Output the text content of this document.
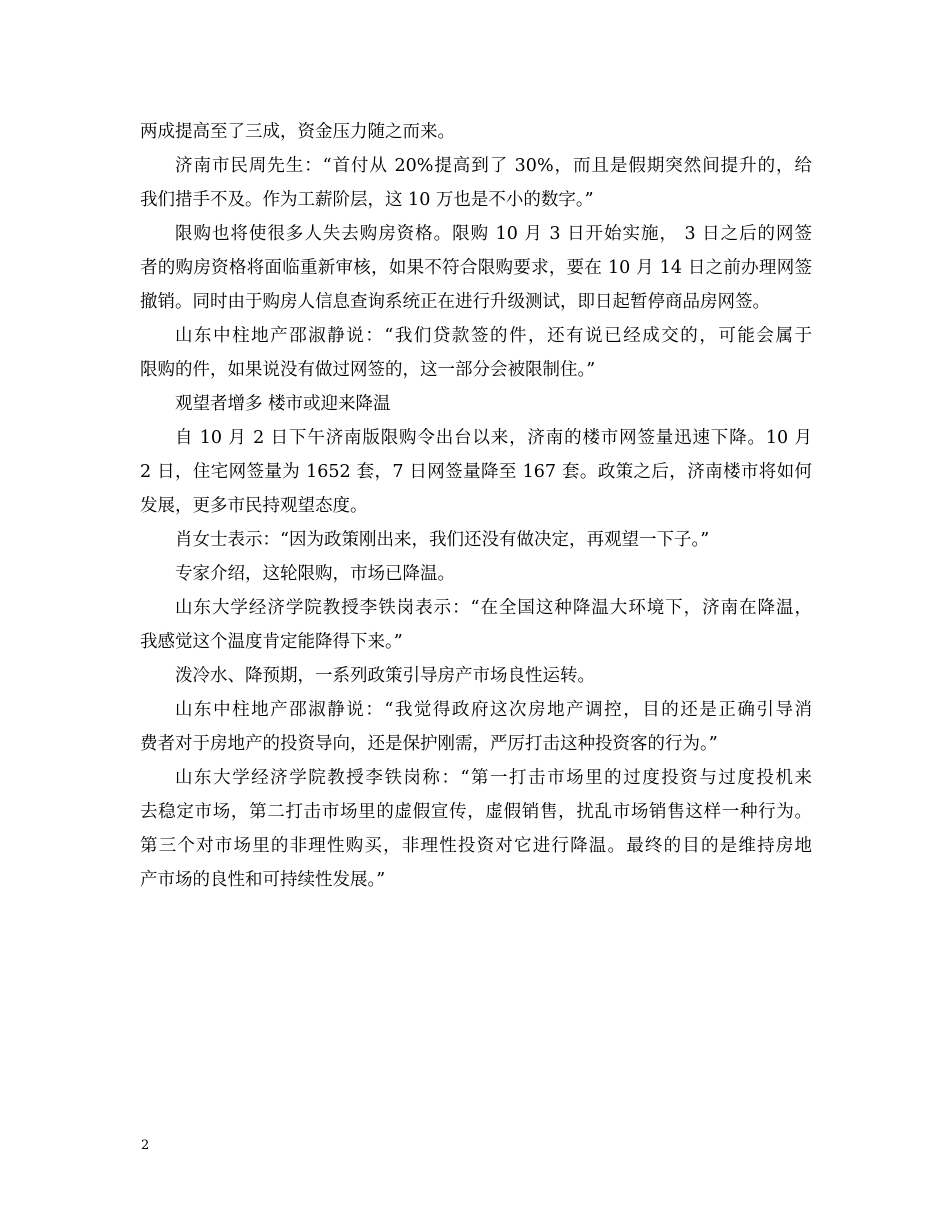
两成提高至了三成，资金压力随之而来。
济南市民周先生：“首付从 20%提高到了 30%，而且是假期突然间提升的，给
我们措手不及。作为工薪阶层，这 10 万也是不小的数字。”
限购也将使很多人失去购房资格。限购 10 月 3 日开始实施， 3 日之后的网签
者的购房资格将面临重新审核，如果不符合限购要求，要在 10 月 14 日之前办理网签
撤销。同时由于购房人信息查询系统正在进行升级测试，即日起暂停商品房网签。
山东中柱地产邵淑静说：“我们贷款签的件，还有说已经成交的，可能会属于
限购的件，如果说没有做过网签的，这一部分会被限制住。”
观望者增多 楼市或迎来降温
自 10 月 2 日下午济南版限购令出台以来，济南的楼市网签量迅速下降。10 月
2 日，住宅网签量为 1652 套，7 日网签量降至 167 套。政策之后，济南楼市将如何
发展，更多市民持观望态度。
肖女士表示：“因为政策刚出来，我们还没有做决定，再观望一下子。”
专家介绍，这轮限购，市场已降温。
山东大学经济学院教授李铁岗表示：“在全国这种降温大环境下，济南在降温，
我感觉这个温度肯定能降得下来。”
泼冷水、降预期，一系列政策引导房产市场良性运转。
山东中柱地产邵淑静说：“我觉得政府这次房地产调控，目的还是正确引导消
费者对于房地产的投资导向，还是保护刚需，严厉打击这种投资客的行为。”
山东大学经济学院教授李铁岗称：“第一打击市场里的过度投资与过度投机来
去稳定市场，第二打击市场里的虚假宣传，虚假销售，扰乱市场销售这样一种行为。
第三个对市场里的非理性购买，非理性投资对它进行降温。最终的目的是维持房地
产市场的良性和可持续性发展。”
2
